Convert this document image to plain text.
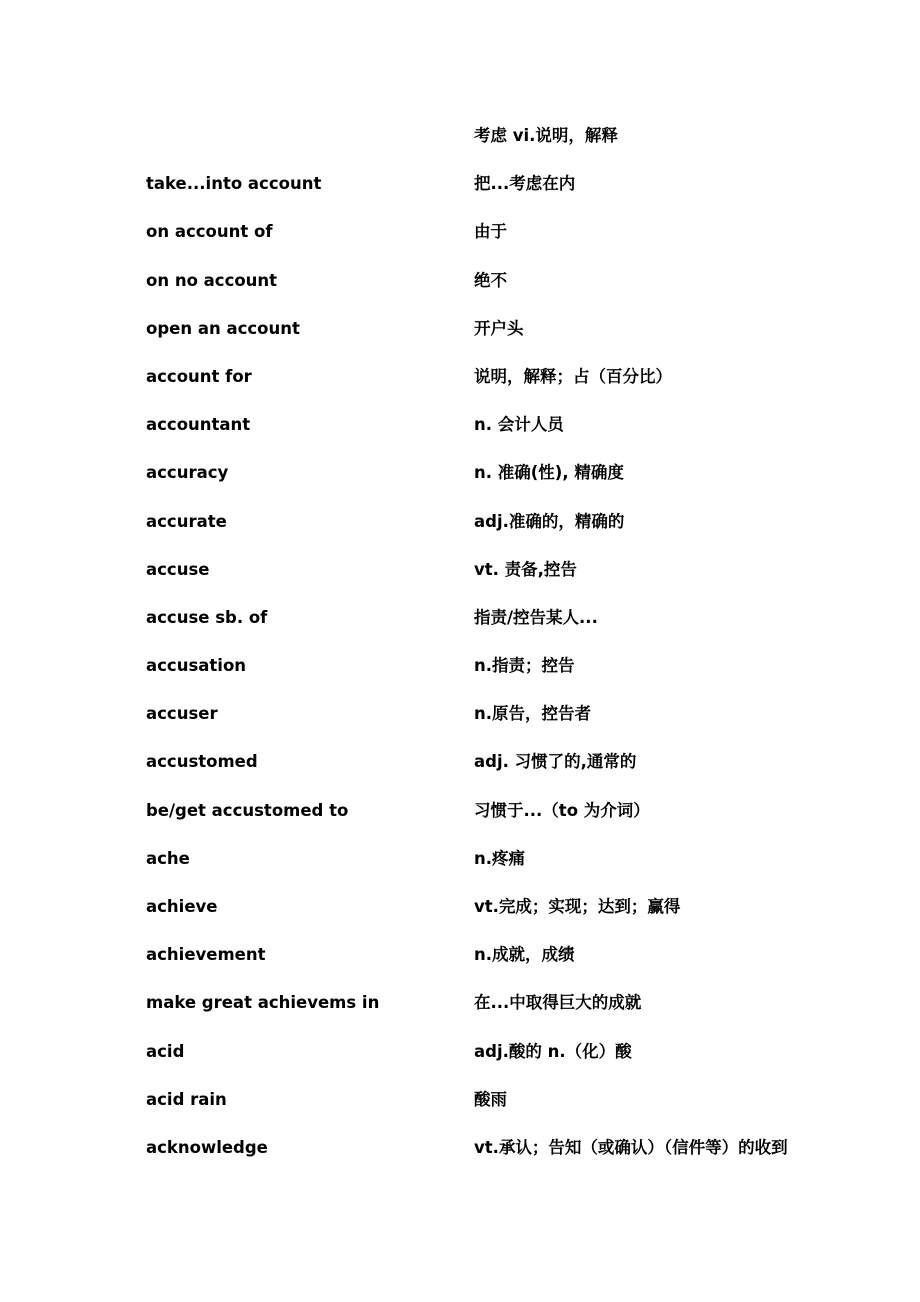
考虑 vi.说明，解释
take...into account	把...考虑在内
on account of	由于
on no account	绝不
open an account	开户头
account for	说明，解释；占（百分比）
accountant	n. 会计人员
accuracy	n. 准确(性), 精确度
accurate	adj.准确的，精确的
accuse	vt. 责备,控告
accuse sb. of	指责/控告某人...
accusation	n.指责；控告
accuser	n.原告，控告者
accustomed	adj. 习惯了的,通常的
be/get accustomed to	习惯于...（to 为介词）
ache	n.疼痛
achieve	vt.完成；实现；达到；赢得
achievement	n.成就，成绩
make great achievems in	在...中取得巨大的成就
acid	adj.酸的 n.（化）酸
acid rain	酸雨
acknowledge	vt.承认；告知（或确认）（信件等）的收到
